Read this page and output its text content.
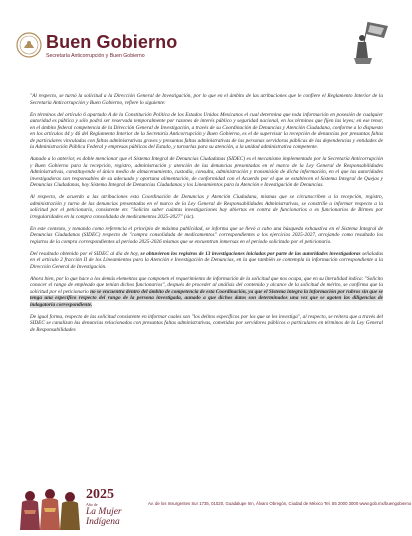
Buen Gobierno
Secretaría Anticorrupción y Buen Gobierno

"Al respecto, se turnó la solicitud a la Dirección General de Investigación, por lo que en el ámbito de las atribuciones que le confiere el Reglamento Interior de la Secretaría Anticorrupción y Buen Gobierno, refiere lo siguiente:

En términos del artículo 6 apartado A de la Constitución Política de los Estados Unidos Mexicanos el cual determina que toda información en posesión de cualquier autoridad es pública y sólo podrá ser reservada temporalmente por razones de interés público y seguridad nacional, en los términos que fijen las leyes; en ese tenor, en el ámbito federal competencia de la Dirección General de Investigación, a través de su Coordinación de Denuncias y Atención Ciudadana, conforme a lo dispuesto en los artículos 44 y 46 del Reglamento Interior de la Secretaría Anticorrupción y Buen Gobierno, es el de supervisar la recepción de denuncias por presuntas faltas de particulares vinculadas con faltas administrativas graves y presuntas faltas administrativas de las personas servidoras públicas de las dependencias y entidades de la Administración Pública Federal y empresas públicas del Estado, y turnarlas para su atención, a la unidad administrativa competente.

Aunado a lo anterior, es doble mencionar que el Sistema Integral de Denuncias Ciudadanas (SIDEC) es el mecanismo implementado por la Secretaría Anticorrupción y Buen Gobierno para la recepción, registro, administración y atención de las denuncias presentadas en el marco de la Ley General de Responsabilidades Administrativas, constituyendo el único medio de almacenamiento, custodia, consulta, administración y transmisión de dicha información, en el que las autoridades investigadoras son responsables de su adecuado y oportuna alimentación, de conformidad con el Acuerdo por el que se establecen el Sistema Integral de Quejas y Denuncias Ciudadanas, hoy Sistema Integral de Denuncias Ciudadanas y los Lineamientos para la Atención e Investigación de Denuncias.

Al respecto, de acuerdo a las atribuciones esta Coordinación de Denuncias y Atención Ciudadana, mismas que se circunscriben a la recepción, registro, administración y turno de las denuncias presentadas en el marco de la Ley General de Responsabilidades Administrativas, se constriñe a informar respecto a la solicitud por el peticionario, consistente en: "Solicito saber cuántas investigaciones hay abiertas en contra de funcionarios o ex funcionarios de Birmex por irregularidades en la compra consolidada de medicamentos 2025-2027" (sic).

En este contexto, y tomando como referencia el principio de máxima publicidad, se informa que se llevó a cabo una búsqueda exhaustiva en el Sistema Integral de Denuncias Ciudadanas (SIDEC) respecto de "compra consolidada de medicamentos" correspondientes a los ejercicios 2025-2027, arrojando como resultado los registros de la compra correspondientes al periodo 2025-2026 mismas que se encuentran inmersas en el periodo solicitado por el peticionario.

Del resultado obtenido por el SIDEC al día de hoy, se obtuvieron los registros de 13 investigaciones iniciadas por parte de las autoridades investigadoras señaladas en el artículo 2 fracción II de los Lineamientos para la Atención e Investigación de Denuncias, en la que también se contempla la información correspondiente a la Dirección General de Investigación.

Ahora bien, por lo que hace a los demás elementos que componen el requerimiento de información de la solicitud que nos ocupa, que en su literalidad indica: "Solicito conocer el rango de empleado que tenían dichos funcionarios", después de proceder al análisis del contenido y alcance de la solicitud de mérito, se confirma que la solicitud por el peticionario no se encuentra dentro del ámbito de competencia de esta Coordinación, ya que el Sistema integra la información por rubros sin que se tenga una específico respecto del rango de la persona investigada, aunado a que dichos datos son determinados una vez que se agoten las diligencias de indagatoria correspondiente.

De igual forma, respecto de las solicitud consistente en informar cuales son "los delitos específicos por los que se les investiga", al respecto, se reitera que a través del SIDEC se canalizan las denuncias relacionadas con presuntas faltas administrativas, cometidas por servidores públicos o particulares en términos de la Ley General de Responsabilidades

2025
Año de
La Mujer
Indígena
Av. de los Insurgentes Sur 1735, 01020, Guadalupe Inn, Álvaro Obregón, Ciudad de México Tel. 55 2000 3000 www.gob.mx/buengobierno
